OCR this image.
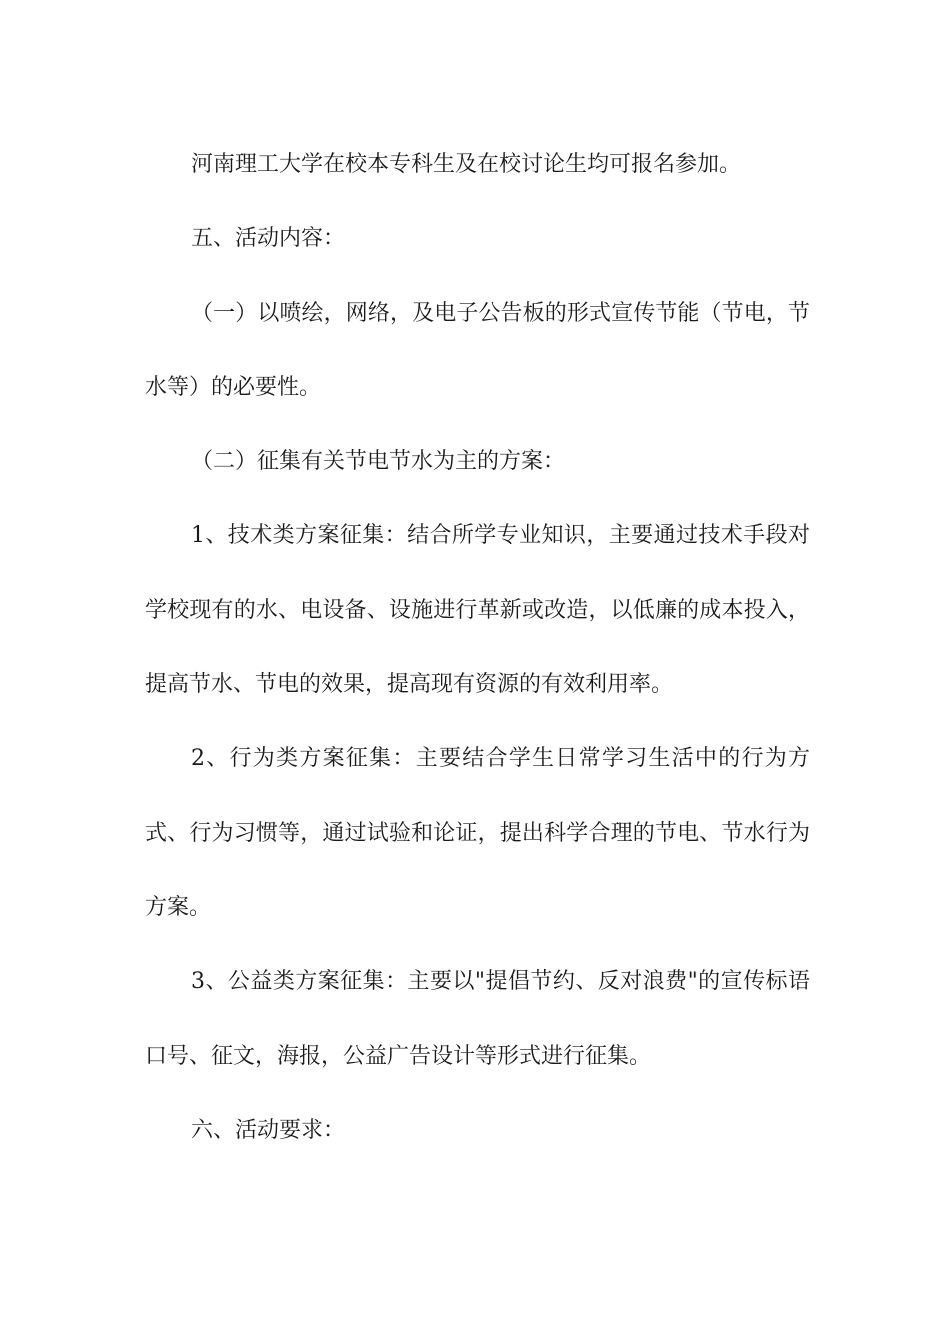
河南理工大学在校本专科生及在校讨论生均可报名参加。

五、活动内容：

（一）以喷绘，网络，及电子公告板的形式宣传节能（节电，节水等）的必要性。

（二）征集有关节电节水为主的方案：

1、技术类方案征集：结合所学专业知识，主要通过技术手段对学校现有的水、电设备、设施进行革新或改造，以低廉的成本投入，提高节水、节电的效果，提高现有资源的有效利用率。

2、行为类方案征集：主要结合学生日常学习生活中的行为方式、行为习惯等，通过试验和论证，提出科学合理的节电、节水行为方案。

3、公益类方案征集：主要以"提倡节约、反对浪费"的宣传标语口号、征文，海报，公益广告设计等形式进行征集。

六、活动要求：
